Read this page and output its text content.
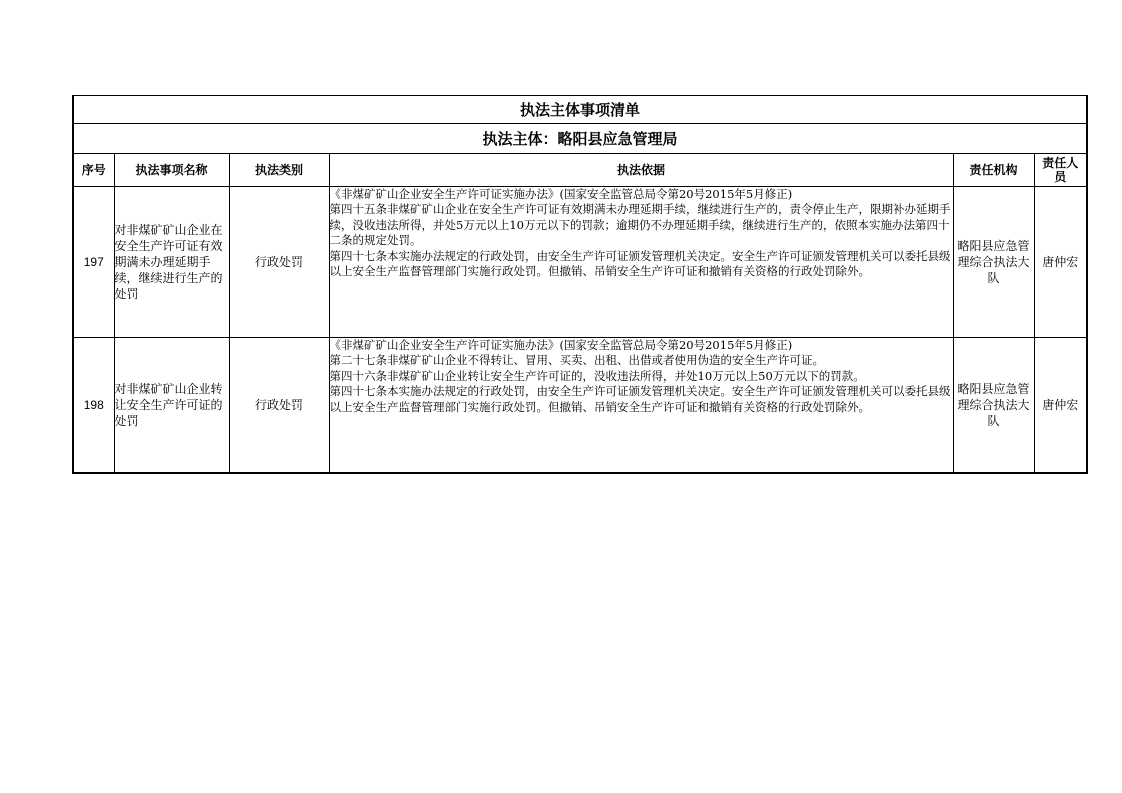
执法主体事项清单					
执法主体：略阳县应急管理局					
序号	执法事项名称	执法类别	执法依据	责任机构	责任人员
197	对非煤矿矿山企业在安全生产许可证有效期满未办理延期手续，继续进行生产的处罚	行政处罚	《非煤矿矿山企业安全生产许可证实施办法》(国家安全监管总局令第20号2015年5月修正)

第四十五条非煤矿矿山企业在安全生产许可证有效期满未办理延期手续，继续进行生产的，责令停止生产，限期补办延期手续，没收违法所得，并处5万元以上10万元以下的罚款；逾期仍不办理延期手续，继续进行生产的，依照本实施办法第四十二条的规定处罚。

第四十七条本实施办法规定的行政处罚，由安全生产许可证颁发管理机关决定。安全生产许可证颁发管理机关可以委托县级以上安全生产监督管理部门实施行政处罚。但撤销、吊销安全生产许可证和撤销有关资格的行政处罚除外。	略阳县应急管理综合执法大队	唐仲宏
198	对非煤矿矿山企业转让安全生产许可证的处罚	行政处罚	《非煤矿矿山企业安全生产许可证实施办法》(国家安全监管总局令第20号2015年5月修正)

第二十七条非煤矿矿山企业不得转让、冒用、买卖、出租、出借或者使用伪造的安全生产许可证。

第四十六条非煤矿矿山企业转让安全生产许可证的，没收违法所得，并处10万元以上50万元以下的罚款。

第四十七条本实施办法规定的行政处罚，由安全生产许可证颁发管理机关决定。安全生产许可证颁发管理机关可以委托县级以上安全生产监督管理部门实施行政处罚。但撤销、吊销安全生产许可证和撤销有关资格的行政处罚除外。	略阳县应急管理综合执法大队	唐仲宏
